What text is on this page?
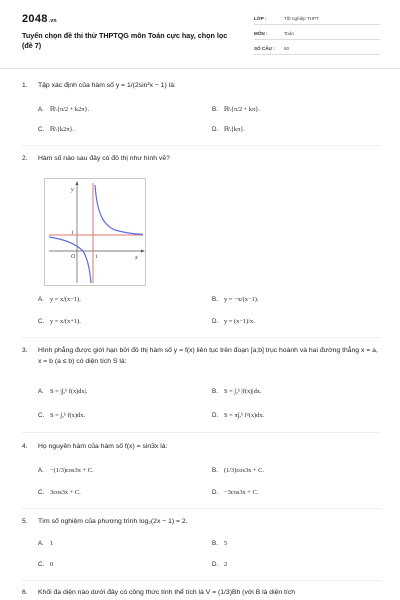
2048.vn
Tuyển chọn đề thi thử THPTQG môn Toán cực hay, chọn lọc (đề 7)
LỚP :	Tốt nghiệp THPT
MÔN :	Toán
SỐ CÂU : 50
1. Tập xác định của hàm số y = 1/(2sin²x − 1) là:
A. ℝ\{π/2 + k2π}.	B. ℝ\{π/2 + kπ}.
C. ℝ\{k2π}.	D. ℝ\{kπ}.
2. Hàm số nào sau đây có đồ thị như hình vẽ?
y
x
O	1
1
A. y = x/(x−1).	B. y = −x/(x−1).
C. y = x/(x+1).	D. y = (x−1)/x.
3. Hình phẳng được giới hạn bởi đồ thị hàm số y = f(x) liên tục trên đoạn [a;b] trục hoành và hai đường thẳng x = a, x = b (a ≤ b) có diện tích S là:
A. S = |∫ₐᵇ f(x)dx|.	B. S = ∫ₐᵇ |f(x)|dx.
C. S = ∫ₐᵇ f(x)dx.	D. S = π∫ₐᵇ f²(x)dx.
4. Họ nguyên hàm của hàm số f(x) = sin3x là:
A. −(1/3)cos3x + C.	B. (1/3)cos3x + C.
C. 3cos3x + C.	D. −3cos3x + C.
5. Tìm số nghiệm của phương trình log₂(2x − 1) = 2.
A. 1	B. 5
C. 0	D. 2
6. Khối đa diện nào dưới đây có công thức tính thể tích là V = (1/3)Bh (với B là diện tích
